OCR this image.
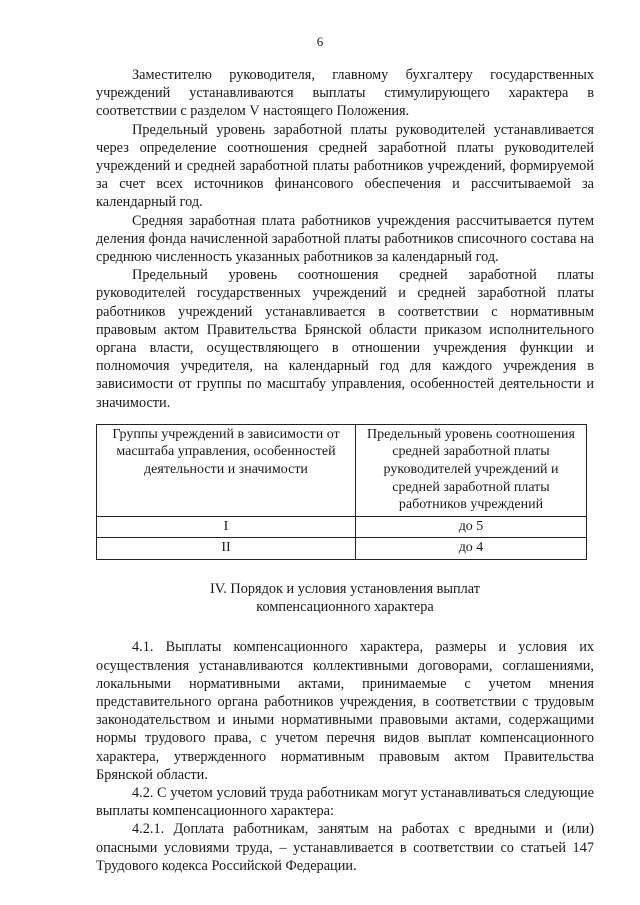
6

Заместителю руководителя, главному бухгалтеру государственных учреждений устанавливаются выплаты стимулирующего характера в соответствии с разделом V настоящего Положения.

Предельный уровень заработной платы руководителей устанавливается через определение соотношения средней заработной платы руководителей учреждений и средней заработной платы работников учреждений, формируемой за счет всех источников финансового обеспечения и рассчитываемой за календарный год.

Средняя заработная плата работников учреждения рассчитывается путем деления фонда начисленной заработной платы работников списочного состава на среднюю численность указанных работников за календарный год.

Предельный уровень соотношения средней заработной платы руководителей государственных учреждений и средней заработной платы работников учреждений устанавливается в соответствии с нормативным правовым актом Правительства Брянской области приказом исполнительного органа власти, осуществляющего в отношении учреждения функции и полномочия учредителя, на календарный год для каждого учреждения в зависимости от группы по масштабу управления, особенностей деятельности и значимости.

Группы учреждений в зависимости от масштаба управления, особенностей деятельности и значимости	Предельный уровень соотношения средней заработной платы руководителей учреждений и средней заработной платы работников учреждений
I	до 5
II	до 4
IV. Порядок и условия установления выплат
компенсационного характера

4.1. Выплаты компенсационного характера, размеры и условия их осуществления устанавливаются коллективными договорами, соглашениями, локальными нормативными актами, принимаемые с учетом мнения представительного органа работников учреждения, в соответствии с трудовым законодательством и иными нормативными правовыми актами, содержащими нормы трудового права, с учетом перечня видов выплат компенсационного характера, утвержденного нормативным правовым актом Правительства Брянской области.

4.2. С учетом условий труда работникам могут устанавливаться следующие выплаты компенсационного характера:

4.2.1. Доплата работникам, занятым на работах с вредными и (или) опасными условиями труда, – устанавливается в соответствии со статьей 147 Трудового кодекса Российской Федерации.
